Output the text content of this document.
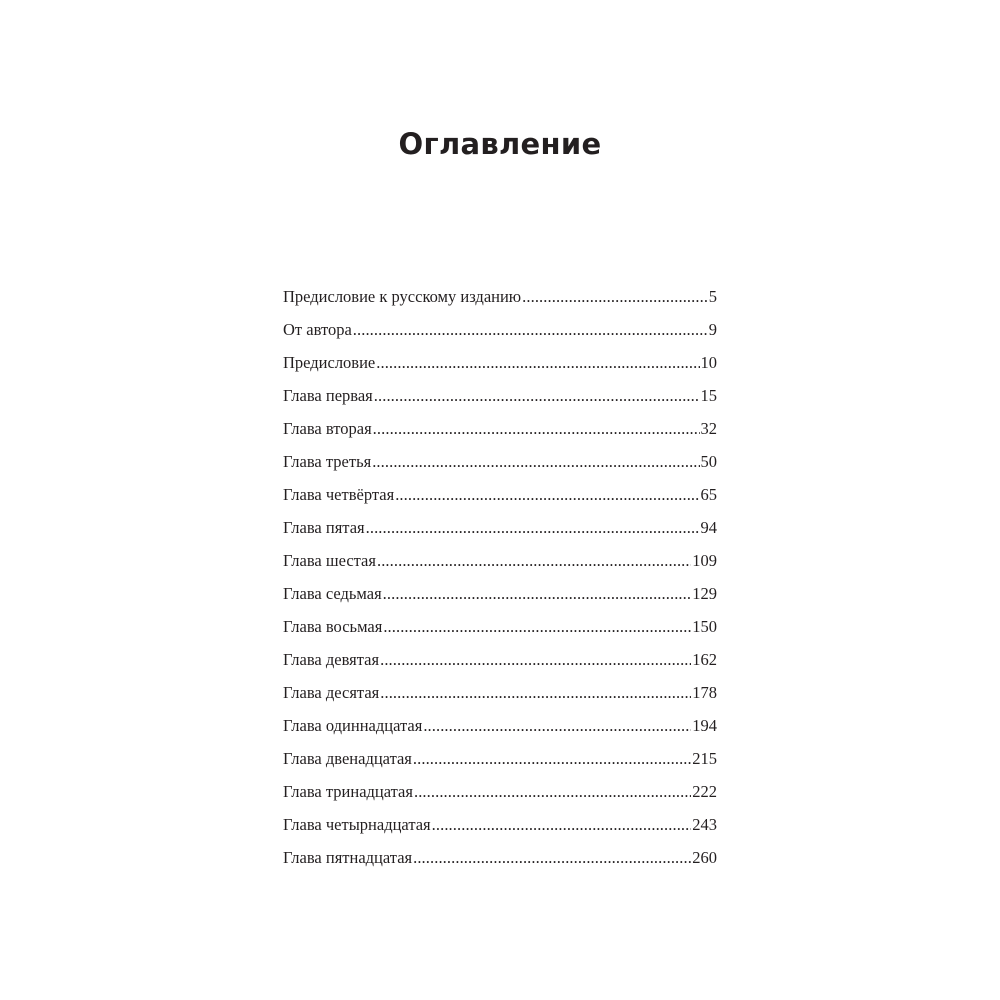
Оглавление
Предисловие к русскому изданию .....	5
От автора .....	9
Предисловие .....	10
Глава первая .....	15
Глава вторая .....	32
Глава третья .....	50
Глава четвёртая .....	65
Глава пятая .....	94
Глава шестая .....	109
Глава седьмая .....	129
Глава восьмая .....	150
Глава девятая .....	162
Глава десятая .....	178
Глава одиннадцатая .....	194
Глава двенадцатая .....	215
Глава тринадцатая .....	222
Глава четырнадцатая .....	243
Глава пятнадцатая .....	260
